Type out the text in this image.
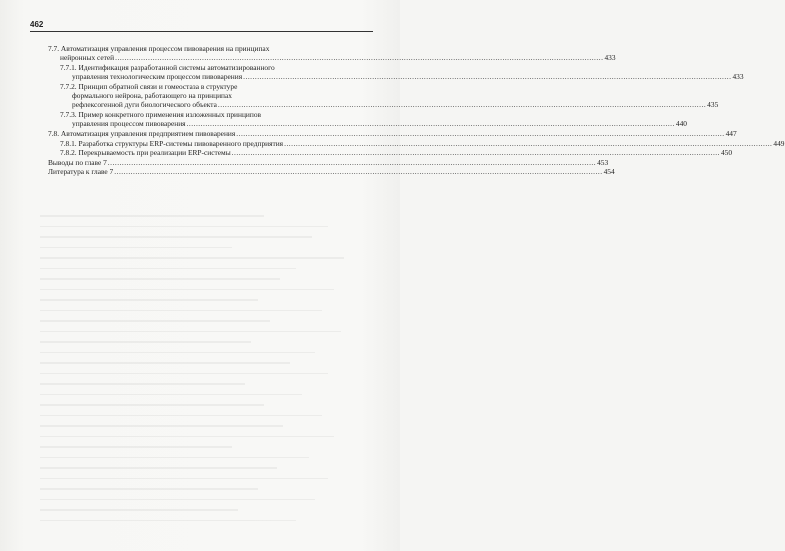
462
7.7. Автоматизация управления процессом пивоварения на принципах
нейронных сетей ................................................................................................................................................................................................................ 433
7.7.1. Идентификация разработанной системы автоматизированного
управления технологическим процессом пивоварения ................................................................................................................................................................................................................ 433
7.7.2. Принцип обратной связи и гомеостаза в структуре
формального нейрона, работающего на принципах
рефлексогенной дуги биологического объекта ................................................................................................................................................................................................................ 435
7.7.3. Пример конкретного применения изложенных принципов
управления процессом пивоварения ................................................................................................................................................................................................................ 440
7.8. Автоматизация управления предприятием пивоварения ................................................................................................................................................................................................................ 447
7.8.1. Разработка структуры ERP-системы пивоваренного предприятия ................................................................................................................................................................................................................ 449
7.8.2. Перекрываемость при реализации ERP-системы ................................................................................................................................................................................................................ 450
Выводы по главе 7 ................................................................................................................................................................................................................ 453
Литература к главе 7 ................................................................................................................................................................................................................ 454
